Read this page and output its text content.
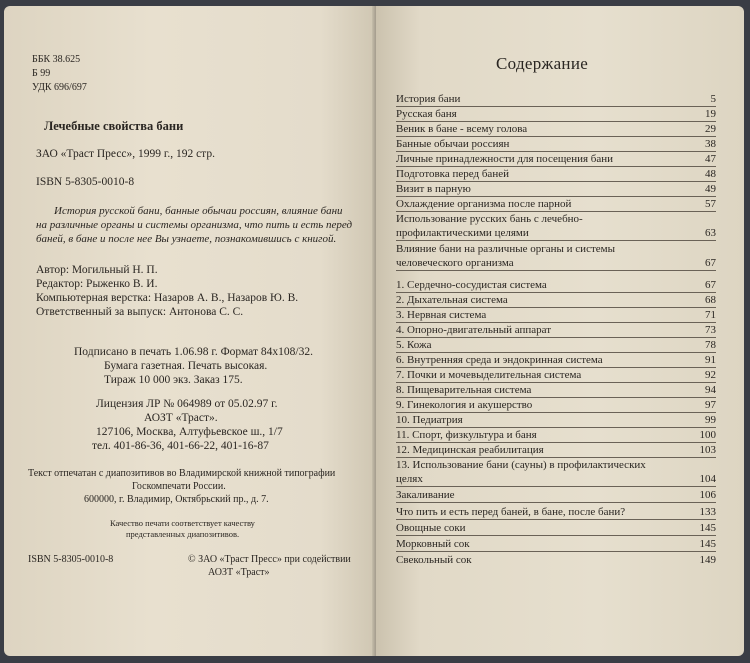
ББК 38.625
Б 99
УДК 696/697
Лечебные свойства бани
ЗАО «Траст Пресс», 1999 г., 192 стр.
ISBN 5-8305-0010-8
История русской бани, банные обычаи россиян, влияние бани
на различные органы и системы организма, что пить и есть перед
баней, в бане и после нее Вы узнаете, познакомившись с книгой.
Автор: Могильный Н. П.
Редактор: Рыженко В. И.
Компьютерная верстка: Назаров А. В., Назаров Ю. В.
Ответственный за выпуск: Антонова С. С.
Подписано в печать 1.06.98 г. Формат 84х108/32.
Бумага газетная. Печать высокая.
Тираж 10 000 экз. Заказ 175.
Лицензия ЛР № 064989 от 05.02.97 г.
АОЗТ «Траст».
127106, Москва, Алтуфьевское ш., 1/7
тел. 401-86-36, 401-66-22, 401-16-87
Текст отпечатан с диапозитивов во Владимирской книжной типографии
Госкомпечати России.
600000, г. Владимир, Октябрьский пр., д. 7.
Качество печати соответствует качеству
представленных диапозитивов.
ISBN 5-8305-0010-8	© ЗАО «Траст Пресс» при содействии
АОЗТ «Траст»
Содержание
История бани	5
Русская баня	19
Веник в бане - всему голова	29
Банные обычаи россиян	38
Личные принадлежности для посещения бани	47
Подготовка перед баней	48
Визит в парную	49
Охлаждение организма после парной	57
Использование русских бань с лечебно-профилактическими целями	63
Влияние бани на различные органы и системы человеческого организма	67
1. Сердечно-сосудистая система	67
2. Дыхательная система	68
3. Нервная система	71
4. Опорно-двигательный аппарат	73
5. Кожа	78
6. Внутренняя среда и эндокринная система	91
7. Почки и мочевыделительная система	92
8. Пищеварительная система	94
9. Гинекология и акушерство	97
10. Педиатрия	99
11. Спорт, физкультура и баня	100
12. Медицинская реабилитация	103
13. Использование бани (сауны) в профилактических целях	104
Закаливание	106
Что пить и есть перед баней, в бане, после бани?	133
Овощные соки	145
Морковный сок	145
Свекольный сок	149
